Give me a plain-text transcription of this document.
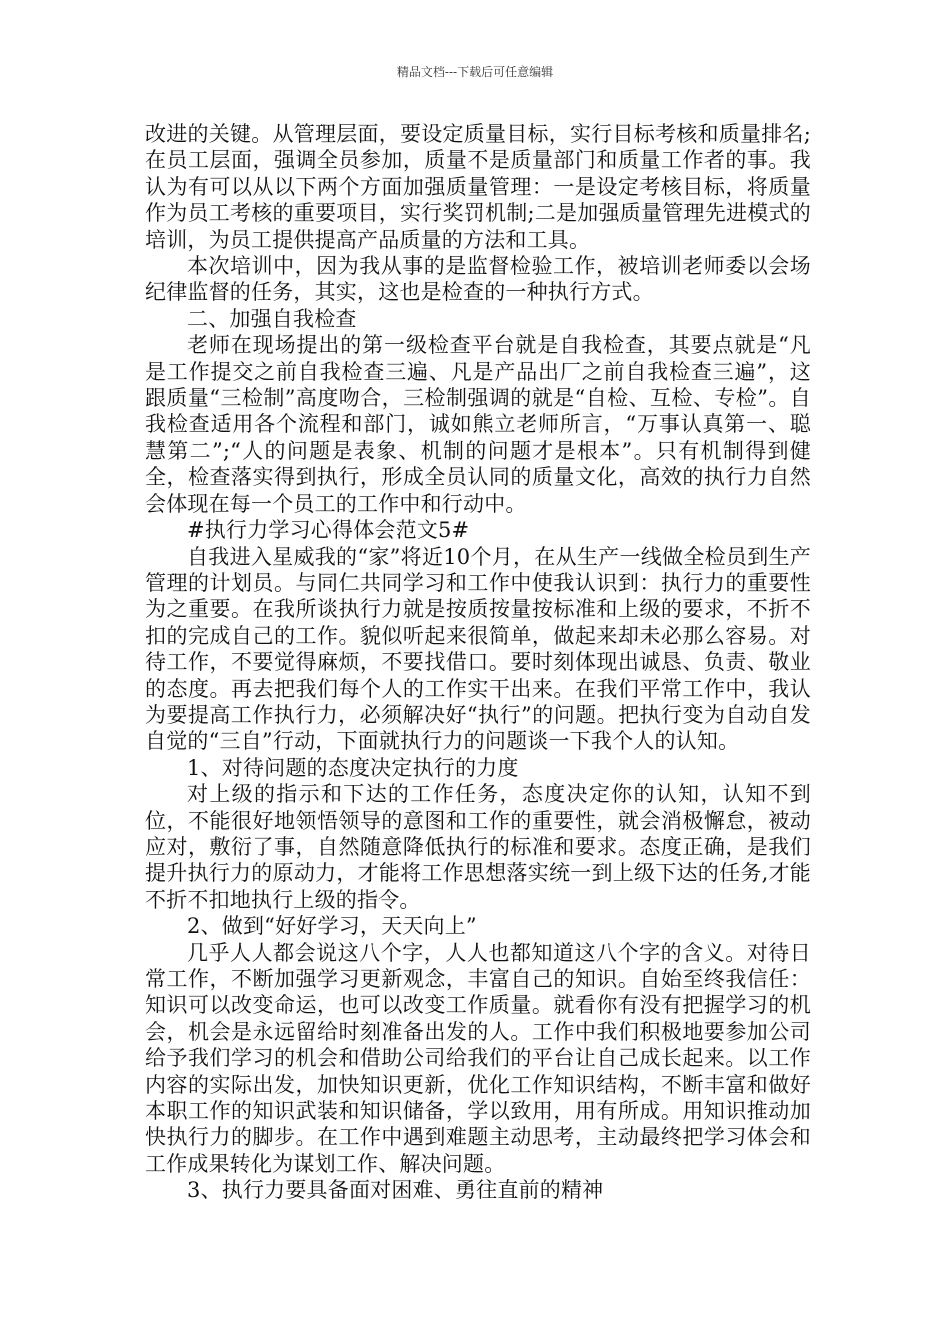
精品文档---下载后可任意编辑

改进的关键。从管理层面，要设定质量目标，实行目标考核和质量排名;在员工层面，强调全员参加，质量不是质量部门和质量工作者的事。我认为有可以从以下两个方面加强质量管理：一是设定考核目标，将质量作为员工考核的重要项目，实行奖罚机制;二是加强质量管理先进模式的培训，为员工提供提高产品质量的方法和工具。

本次培训中，因为我从事的是监督检验工作，被培训老师委以会场纪律监督的任务，其实，这也是检查的一种执行方式。

二、加强自我检查

老师在现场提出的第一级检查平台就是自我检查，其要点就是“凡是工作提交之前自我检查三遍、凡是产品出厂之前自我检查三遍”，这跟质量“三检制”高度吻合，三检制强调的就是“自检、互检、专检”。自我检查适用各个流程和部门，诚如熊立老师所言，“万事认真第一、聪慧第二”;“人的问题是表象、机制的问题才是根本”。只有机制得到健全，检查落实得到执行，形成全员认同的质量文化，高效的执行力自然会体现在每一个员工的工作中和行动中。

#执行力学习心得体会范文5#

自我进入星威我的“家”将近10个月，在从生产一线做全检员到生产管理的计划员。与同仁共同学习和工作中使我认识到：执行力的重要性为之重要。在我所谈执行力就是按质按量按标准和上级的要求，不折不扣的完成自己的工作。貌似听起来很简单，做起来却未必那么容易。对待工作，不要觉得麻烦，不要找借口。要时刻体现出诚恳、负责、敬业的态度。再去把我们每个人的工作实干出来。在我们平常工作中，我认为要提高工作执行力，必须解决好“执行”的问题。把执行变为自动自发自觉的“三自”行动，下面就执行力的问题谈一下我个人的认知。

1、对待问题的态度决定执行的力度

对上级的指示和下达的工作任务，态度决定你的认知，认知不到位，不能很好地领悟领导的意图和工作的重要性，就会消极懈怠，被动应对，敷衍了事，自然随意降低执行的标准和要求。态度正确，是我们提升执行力的原动力，才能将工作思想落实统一到上级下达的任务,才能不折不扣地执行上级的指令。

2、做到“好好学习，天天向上”

几乎人人都会说这八个字，人人也都知道这八个字的含义。对待日常工作，不断加强学习更新观念，丰富自己的知识。自始至终我信任：知识可以改变命运，也可以改变工作质量。就看你有没有把握学习的机会，机会是永远留给时刻准备出发的人。工作中我们积极地要参加公司给予我们学习的机会和借助公司给我们的平台让自己成长起来。以工作内容的实际出发，加快知识更新，优化工作知识结构，不断丰富和做好本职工作的知识武装和知识储备，学以致用，用有所成。用知识推动加快执行力的脚步。在工作中遇到难题主动思考，主动最终把学习体会和工作成果转化为谋划工作、解决问题。

3、执行力要具备面对困难、勇往直前的精神
